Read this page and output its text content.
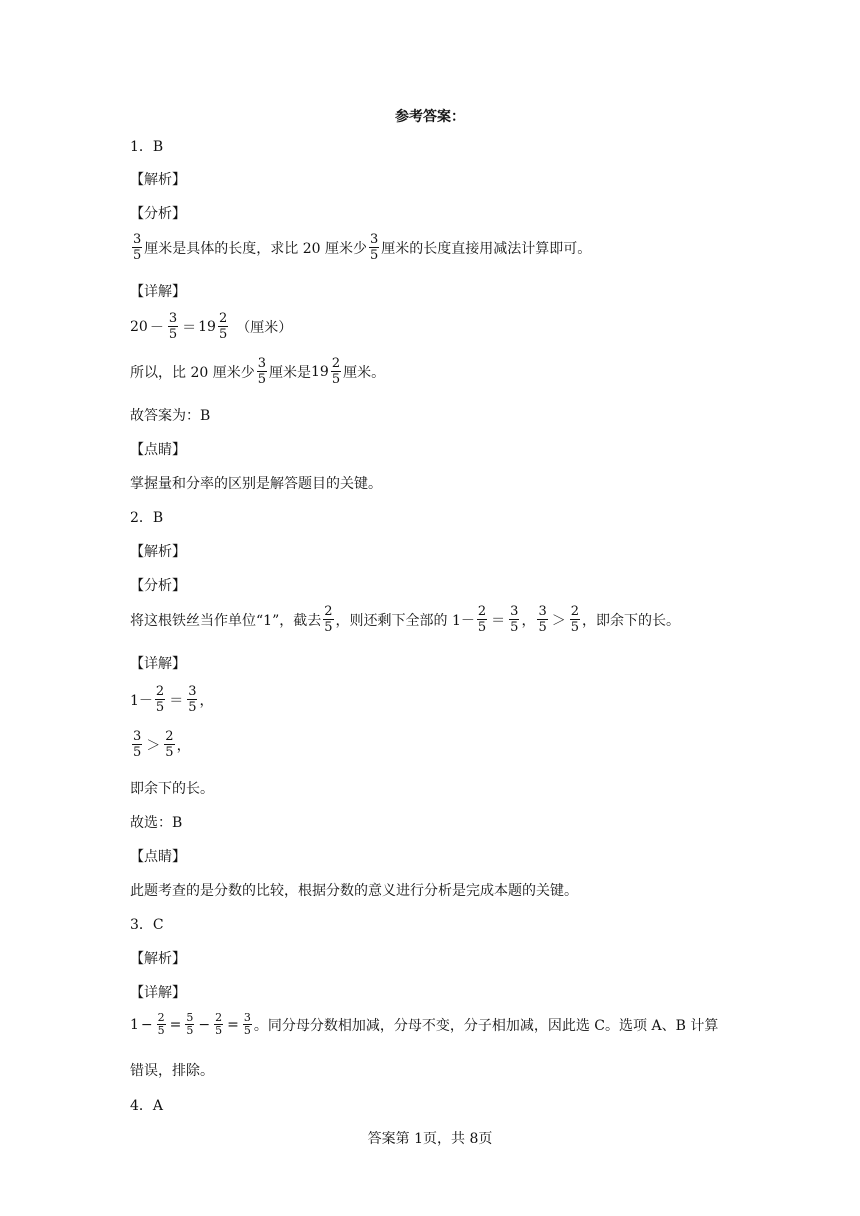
参考答案：
1．B
【解析】
【分析】
$\frac{3}{5}$ 厘米是具体的长度，求比 20 厘米少 $\frac{3}{5}$ 厘米的长度直接用减法计算即可。
【详解】
$20 - \frac{3}{5} = 19 \frac{2}{5}$ （厘米）
所以，比 20 厘米少 $\frac{3}{5}$ 厘米是 $19 \frac{2}{5}$ 厘米。
故答案为：B
【点睛】
掌握量和分率的区别是解答题目的关键。
2．B
【解析】
【分析】
将这根铁丝当作单位“1”，截去 $\frac{2}{5}$ ，则还剩下全部的 $1- \frac{2}{5} = \frac{3}{5}$ ， $\frac{3}{5} > \frac{2}{5}$ ，即余下的长。
【详解】
$1- \frac{2}{5} = \frac{3}{5}$ ，
$\frac{3}{5} > \frac{2}{5}$ ，
即余下的长。
故选：B
【点睛】
此题考查的是分数的比较，根据分数的意义进行分析是完成本题的关键。
3．C
【解析】
【详解】
$1 - \frac{2}{5} = \frac{5}{5} - \frac{2}{5} = \frac{3}{5}$ 。同分母分数相加减，分母不变，分子相加减，因此选 C。选项 A、B 计算
错误，排除。
4．A
答案第 1页，共 8页
